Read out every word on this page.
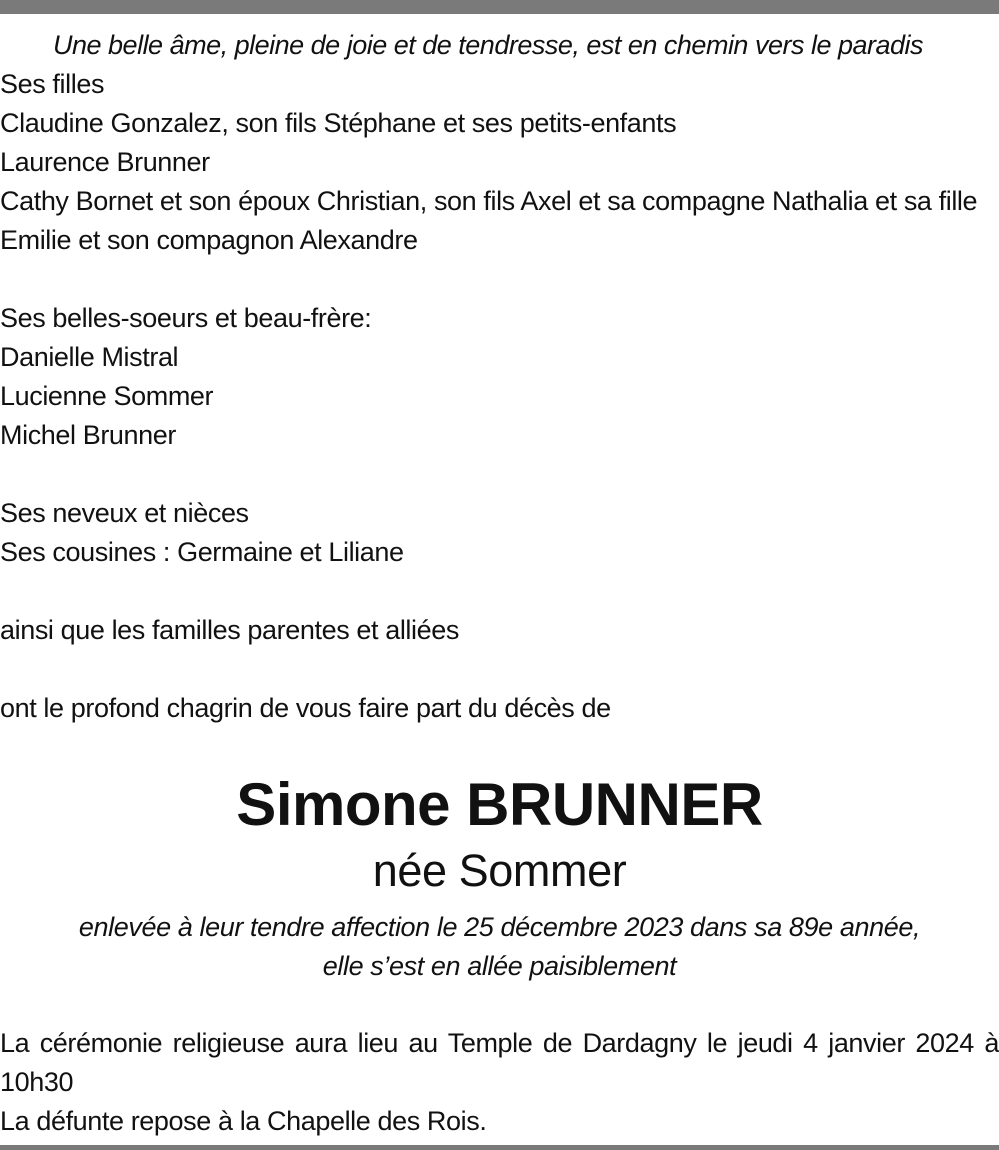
Une belle âme, pleine de joie et de tendresse, est en chemin vers le paradis
Ses filles
Claudine Gonzalez, son fils Stéphane et ses petits-enfants
Laurence Brunner
Cathy Bornet et son époux Christian, son fils Axel et sa compagne Nathalia et sa fille Emilie et son compagnon Alexandre
Ses belles-soeurs et beau-frère:
Danielle Mistral
Lucienne Sommer
Michel Brunner
Ses neveux et nièces
Ses cousines : Germaine et Liliane
ainsi que les familles parentes et alliées
ont le profond chagrin de vous faire part du décès de
Simone BRUNNER
née Sommer
enlevée à leur tendre affection le 25 décembre 2023 dans sa 89e année,
elle s’est en allée paisiblement
La cérémonie religieuse aura lieu au Temple de Dardagny le jeudi 4 janvier 2024 à 10h30
La défunte repose à la Chapelle des Rois.
